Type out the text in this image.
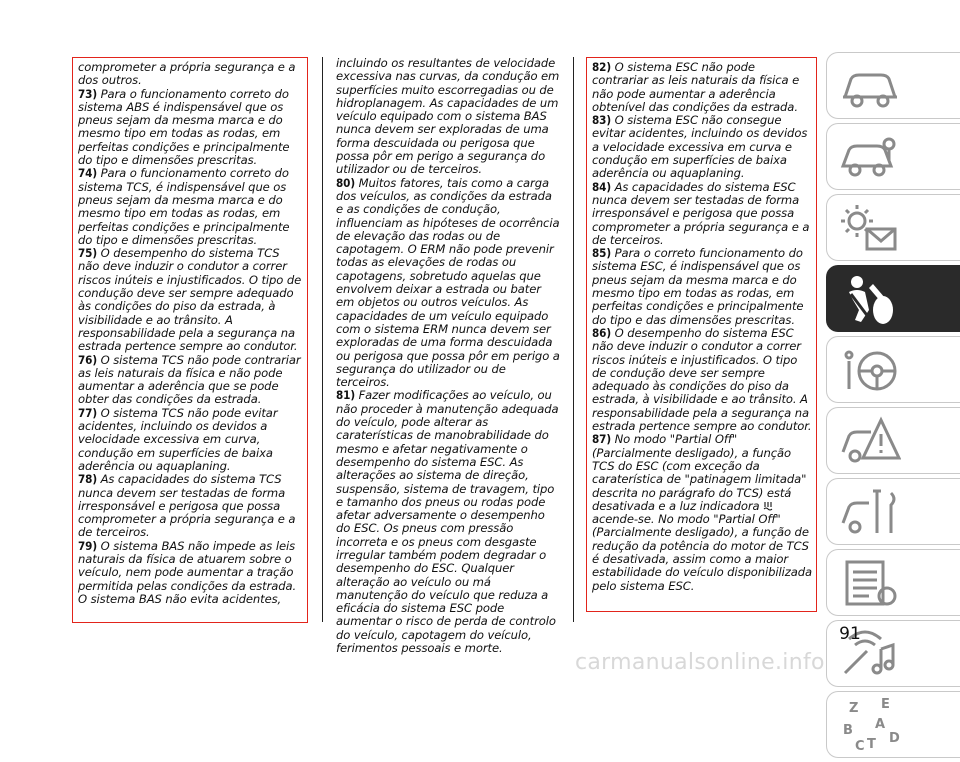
comprometer a própria segurança e a dos outros.

73) Para o funcionamento correto do sistema ABS é indispensável que os pneus sejam da mesma marca e do mesmo tipo em todas as rodas, em perfeitas condições e principalmente do tipo e dimensões prescritas.

74) Para o funcionamento correto do sistema TCS, é indispensável que os pneus sejam da mesma marca e do mesmo tipo em todas as rodas, em perfeitas condições e principalmente do tipo e dimensões prescritas.

75) O desempenho do sistema TCS não deve induzir o condutor a correr riscos inúteis e injustificados. O tipo de condução deve ser sempre adequado às condições do piso da estrada, à visibilidade e ao trânsito. A responsabilidade pela a segurança na estrada pertence sempre ao condutor.

76) O sistema TCS não pode contrariar as leis naturais da física e não pode aumentar a aderência que se pode obter das condições da estrada.

77) O sistema TCS não pode evitar acidentes, incluindo os devidos a velocidade excessiva em curva, condução em superfícies de baixa aderência ou aquaplaning.

78) As capacidades do sistema TCS nunca devem ser testadas de forma irresponsável e perigosa que possa comprometer a própria segurança e a de terceiros.

79) O sistema BAS não impede as leis naturais da física de atuarem sobre o veículo, nem pode aumentar a tração permitida pelas condições da estrada. O sistema BAS não evita acidentes,

incluindo os resultantes de velocidade excessiva nas curvas, da condução em superfícies muito escorregadias ou de hidroplanagem. As capacidades de um veículo equipado com o sistema BAS nunca devem ser exploradas de uma forma descuidada ou perigosa que possa pôr em perigo a segurança do utilizador ou de terceiros.

80) Muitos fatores, tais como a carga dos veículos, as condições da estrada e as condições de condução, influenciam as hipóteses de ocorrência de elevação das rodas ou de capotagem. O ERM não pode prevenir todas as elevações de rodas ou capotagens, sobretudo aquelas que envolvem deixar a estrada ou bater em objetos ou outros veículos. As capacidades de um veículo equipado com o sistema ERM nunca devem ser exploradas de uma forma descuidada ou perigosa que possa pôr em perigo a segurança do utilizador ou de terceiros.

81) Fazer modificações ao veículo, ou não proceder à manutenção adequada do veículo, pode alterar as caraterísticas de manobrabilidade do mesmo e afetar negativamente o desempenho do sistema ESC. As alterações ao sistema de direção, suspensão, sistema de travagem, tipo e tamanho dos pneus ou rodas pode afetar adversamente o desempenho do ESC. Os pneus com pressão incorreta e os pneus com desgaste irregular também podem degradar o desempenho do ESC. Qualquer alteração ao veículo ou má manutenção do veículo que reduza a eficácia do sistema ESC pode aumentar o risco de perda de controlo do veículo, capotagem do veículo, ferimentos pessoais e morte.

82) O sistema ESC não pode contrariar as leis naturais da física e não pode aumentar a aderência obtenível das condições da estrada.

83) O sistema ESC não consegue evitar acidentes, incluindo os devidos a velocidade excessiva em curva e condução em superfícies de baixa aderência ou aquaplaning.

84) As capacidades do sistema ESC nunca devem ser testadas de forma irresponsável e perigosa que possa comprometer a própria segurança e a de terceiros.

85) Para o correto funcionamento do sistema ESC, é indispensável que os pneus sejam da mesma marca e do mesmo tipo em todas as rodas, em perfeitas condições e principalmente do tipo e das dimensões prescritas.

86) O desempenho do sistema ESC não deve induzir o condutor a correr riscos inúteis e injustificados. O tipo de condução deve ser sempre adequado às condições do piso da estrada, à visibilidade e ao trânsito. A responsabilidade pela a segurança na estrada pertence sempre ao condutor.

87) No modo "Partial Off" (Parcialmente desligado), a função TCS do ESC (com exceção da caraterística de "patinagem limitada" descrita no parágrafo do TCS) está desativada e a luz indicadora  acende-se. No modo "Partial Off" (Parcialmente desligado), a função de redução da potência do motor de TCS é desativada, assim como a maior estabilidade do veículo disponibilizada pelo sistema ESC.

Z E
B A
C T D
91
carmanualsonline.info
